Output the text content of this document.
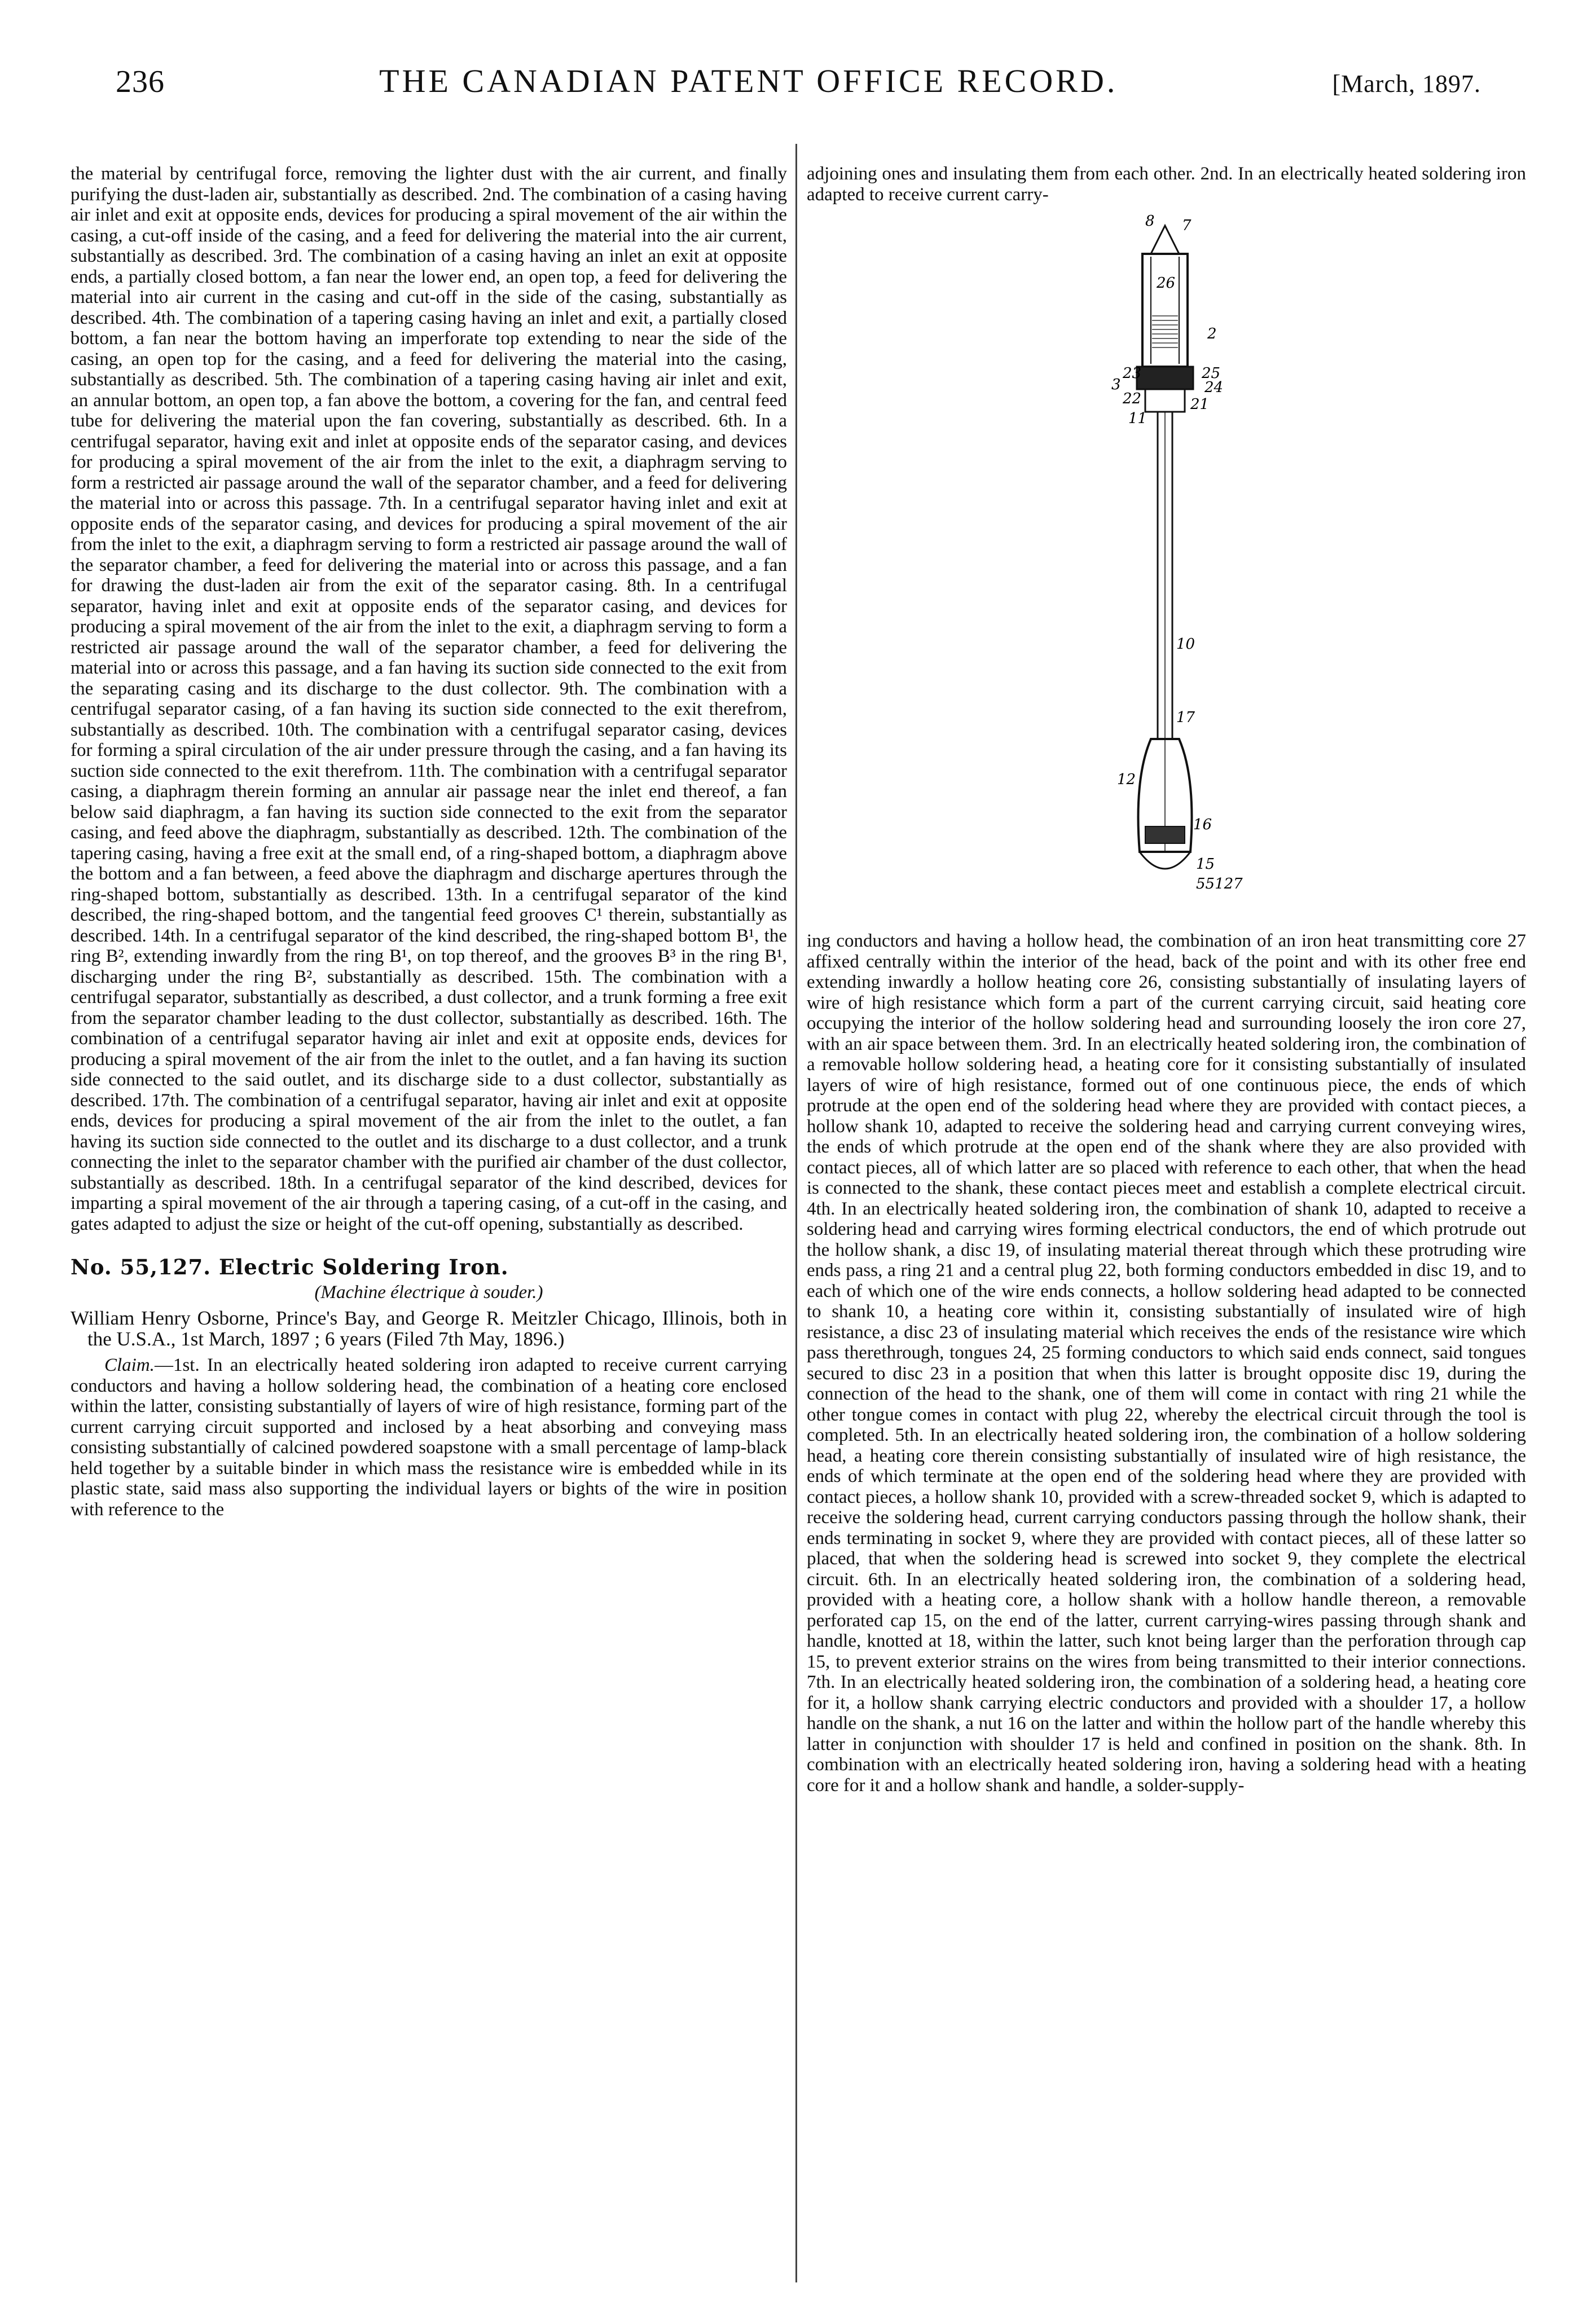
236	THE CANADIAN PATENT OFFICE RECORD.	[March, 1897.

the material by centrifugal force, removing the lighter dust with the air current, and finally purifying the dust-laden air, substantially as described. 2nd. The combination of a casing having air inlet and exit at opposite ends, devices for producing a spiral movement of the air within the casing, a cut-off inside of the casing, and a feed for delivering the material into the air current, substantially as described. 3rd. The combination of a casing having an inlet an exit at opposite ends, a partially closed bottom, a fan near the lower end, an open top, a feed for delivering the material into air current in the casing and cut-off in the side of the casing, substantially as described. 4th. The combination of a tapering casing having an inlet and exit, a partially closed bottom, a fan near the bottom having an imperforate top extending to near the side of the casing, an open top for the casing, and a feed for delivering the material into the casing, substantially as described. 5th. The combination of a tapering casing having air inlet and exit, an annular bottom, an open top, a fan above the bottom, a covering for the fan, and central feed tube for delivering the material upon the fan covering, substantially as described. 6th. In a centrifugal separator, having exit and inlet at opposite ends of the separator casing, and devices for producing a spiral movement of the air from the inlet to the exit, a diaphragm serving to form a restricted air passage around the wall of the separator chamber, and a feed for delivering the material into or across this passage. 7th. In a centrifugal separator having inlet and exit at opposite ends of the separator casing, and devices for producing a spiral movement of the air from the inlet to the exit, a diaphragm serving to form a restricted air passage around the wall of the separator chamber, a feed for delivering the material into or across this passage, and a fan for drawing the dust-laden air from the exit of the separator casing. 8th. In a centrifugal separator, having inlet and exit at opposite ends of the separator casing, and devices for producing a spiral movement of the air from the inlet to the exit, a diaphragm serving to form a restricted air passage around the wall of the separator chamber, a feed for delivering the material into or across this passage, and a fan having its suction side connected to the exit from the separating casing and its discharge to the dust collector. 9th. The combination with a centrifugal separator casing, of a fan having its suction side connected to the exit therefrom, substantially as described. 10th. The combination with a centrifugal separator casing, devices for forming a spiral circulation of the air under pressure through the casing, and a fan having its suction side connected to the exit therefrom. 11th. The combination with a centrifugal separator casing, a diaphragm therein forming an annular air passage near the inlet end thereof, a fan below said diaphragm, a fan having its suction side connected to the exit from the separator casing, and feed above the diaphragm, substantially as described. 12th. The combination of the tapering casing, having a free exit at the small end, of a ring-shaped bottom, a diaphragm above the bottom and a fan between, a feed above the diaphragm and discharge apertures through the ring-shaped bottom, substantially as described. 13th. In a centrifugal separator of the kind described, the ring-shaped bottom, and the tangential feed grooves C¹ therein, substantially as described. 14th. In a centrifugal separator of the kind described, the ring-shaped bottom B¹, the ring B², extending inwardly from the ring B¹, on top thereof, and the grooves B³ in the ring B¹, discharging under the ring B², substantially as described. 15th. The combination with a centrifugal separator, substantially as described, a dust collector, and a trunk forming a free exit from the separator chamber leading to the dust collector, substantially as described. 16th. The combination of a centrifugal separator having air inlet and exit at opposite ends, devices for producing a spiral movement of the air from the inlet to the outlet, and a fan having its suction side connected to the said outlet, and its discharge side to a dust collector, substantially as described. 17th. The combination of a centrifugal separator, having air inlet and exit at opposite ends, devices for producing a spiral movement of the air from the inlet to the outlet, a fan having its suction side connected to the outlet and its discharge to a dust collector, and a trunk connecting the inlet to the separator chamber with the purified air chamber of the dust collector, substantially as described. 18th. In a centrifugal separator of the kind described, devices for imparting a spiral movement of the air through a tapering casing, of a cut-off in the casing, and gates adapted to adjust the size or height of the cut-off opening, substantially as described.

No. 55,127. Electric Soldering Iron.
(Machine électrique à souder.)
William Henry Osborne, Prince's Bay, and George R. Meitzler Chicago, Illinois, both in the U.S.A., 1st March, 1897 ; 6 years (Filed 7th May, 1896.)

Claim.—1st. In an electrically heated soldering iron adapted to receive current carrying conductors and having a hollow soldering head, the combination of a heating core enclosed within the latter, consisting substantially of layers of wire of high resistance, forming part of the current carrying circuit supported and inclosed by a heat absorbing and conveying mass consisting substantially of calcined powdered soapstone with a small percentage of lamp-black held together by a suitable binder in which mass the resistance wire is embedded while in its plastic state, said mass also supporting the individual layers or bights of the wire in position with reference to the

adjoining ones and insulating them from each other. 2nd. In an electrically heated soldering iron adapted to receive current carry-
8 7
26
2
23	25
3	24
22	21
11
10
17
12
16
15
55127

ing conductors and having a hollow head, the combination of an iron heat transmitting core 27 affixed centrally within the interior of the head, back of the point and with its other free end extending inwardly a hollow heating core 26, consisting substantially of insulating layers of wire of high resistance which form a part of the current carrying circuit, said heating core occupying the interior of the hollow soldering head and surrounding loosely the iron core 27, with an air space between them. 3rd. In an electrically heated soldering iron, the combination of a removable hollow soldering head, a heating core for it consisting substantially of insulated layers of wire of high resistance, formed out of one continuous piece, the ends of which protrude at the open end of the soldering head where they are provided with contact pieces, a hollow shank 10, adapted to receive the soldering head and carrying current conveying wires, the ends of which protrude at the open end of the shank where they are also provided with contact pieces, all of which latter are so placed with reference to each other, that when the head is connected to the shank, these contact pieces meet and establish a complete electrical circuit. 4th. In an electrically heated soldering iron, the combination of shank 10, adapted to receive a soldering head and carrying wires forming electrical conductors, the end of which protrude out the hollow shank, a disc 19, of insulating material thereat through which these protruding wire ends pass, a ring 21 and a central plug 22, both forming conductors embedded in disc 19, and to each of which one of the wire ends connects, a hollow soldering head adapted to be connected to shank 10, a heating core within it, consisting substantially of insulated wire of high resistance, a disc 23 of insulating material which receives the ends of the resistance wire which pass therethrough, tongues 24, 25 forming conductors to which said ends connect, said tongues secured to disc 23 in a position that when this latter is brought opposite disc 19, during the connection of the head to the shank, one of them will come in contact with ring 21 while the other tongue comes in contact with plug 22, whereby the electrical circuit through the tool is completed. 5th. In an electrically heated soldering iron, the combination of a hollow soldering head, a heating core therein consisting substantially of insulated wire of high resistance, the ends of which terminate at the open end of the soldering head where they are provided with contact pieces, a hollow shank 10, provided with a screw-threaded socket 9, which is adapted to receive the soldering head, current carrying conductors passing through the hollow shank, their ends terminating in socket 9, where they are provided with contact pieces, all of these latter so placed, that when the soldering head is screwed into socket 9, they complete the electrical circuit. 6th. In an electrically heated soldering iron, the combination of a soldering head, provided with a heating core, a hollow shank with a hollow handle thereon, a removable perforated cap 15, on the end of the latter, current carrying-wires passing through shank and handle, knotted at 18, within the latter, such knot being larger than the perforation through cap 15, to prevent exterior strains on the wires from being transmitted to their interior connections. 7th. In an electrically heated soldering iron, the combination of a soldering head, a heating core for it, a hollow shank carrying electric conductors and provided with a shoulder 17, a hollow handle on the shank, a nut 16 on the latter and within the hollow part of the handle whereby this latter in conjunction with shoulder 17 is held and confined in position on the shank. 8th. In combination with an electrically heated soldering iron, having a soldering head with a heating core for it and a hollow shank and handle, a solder-supply-
